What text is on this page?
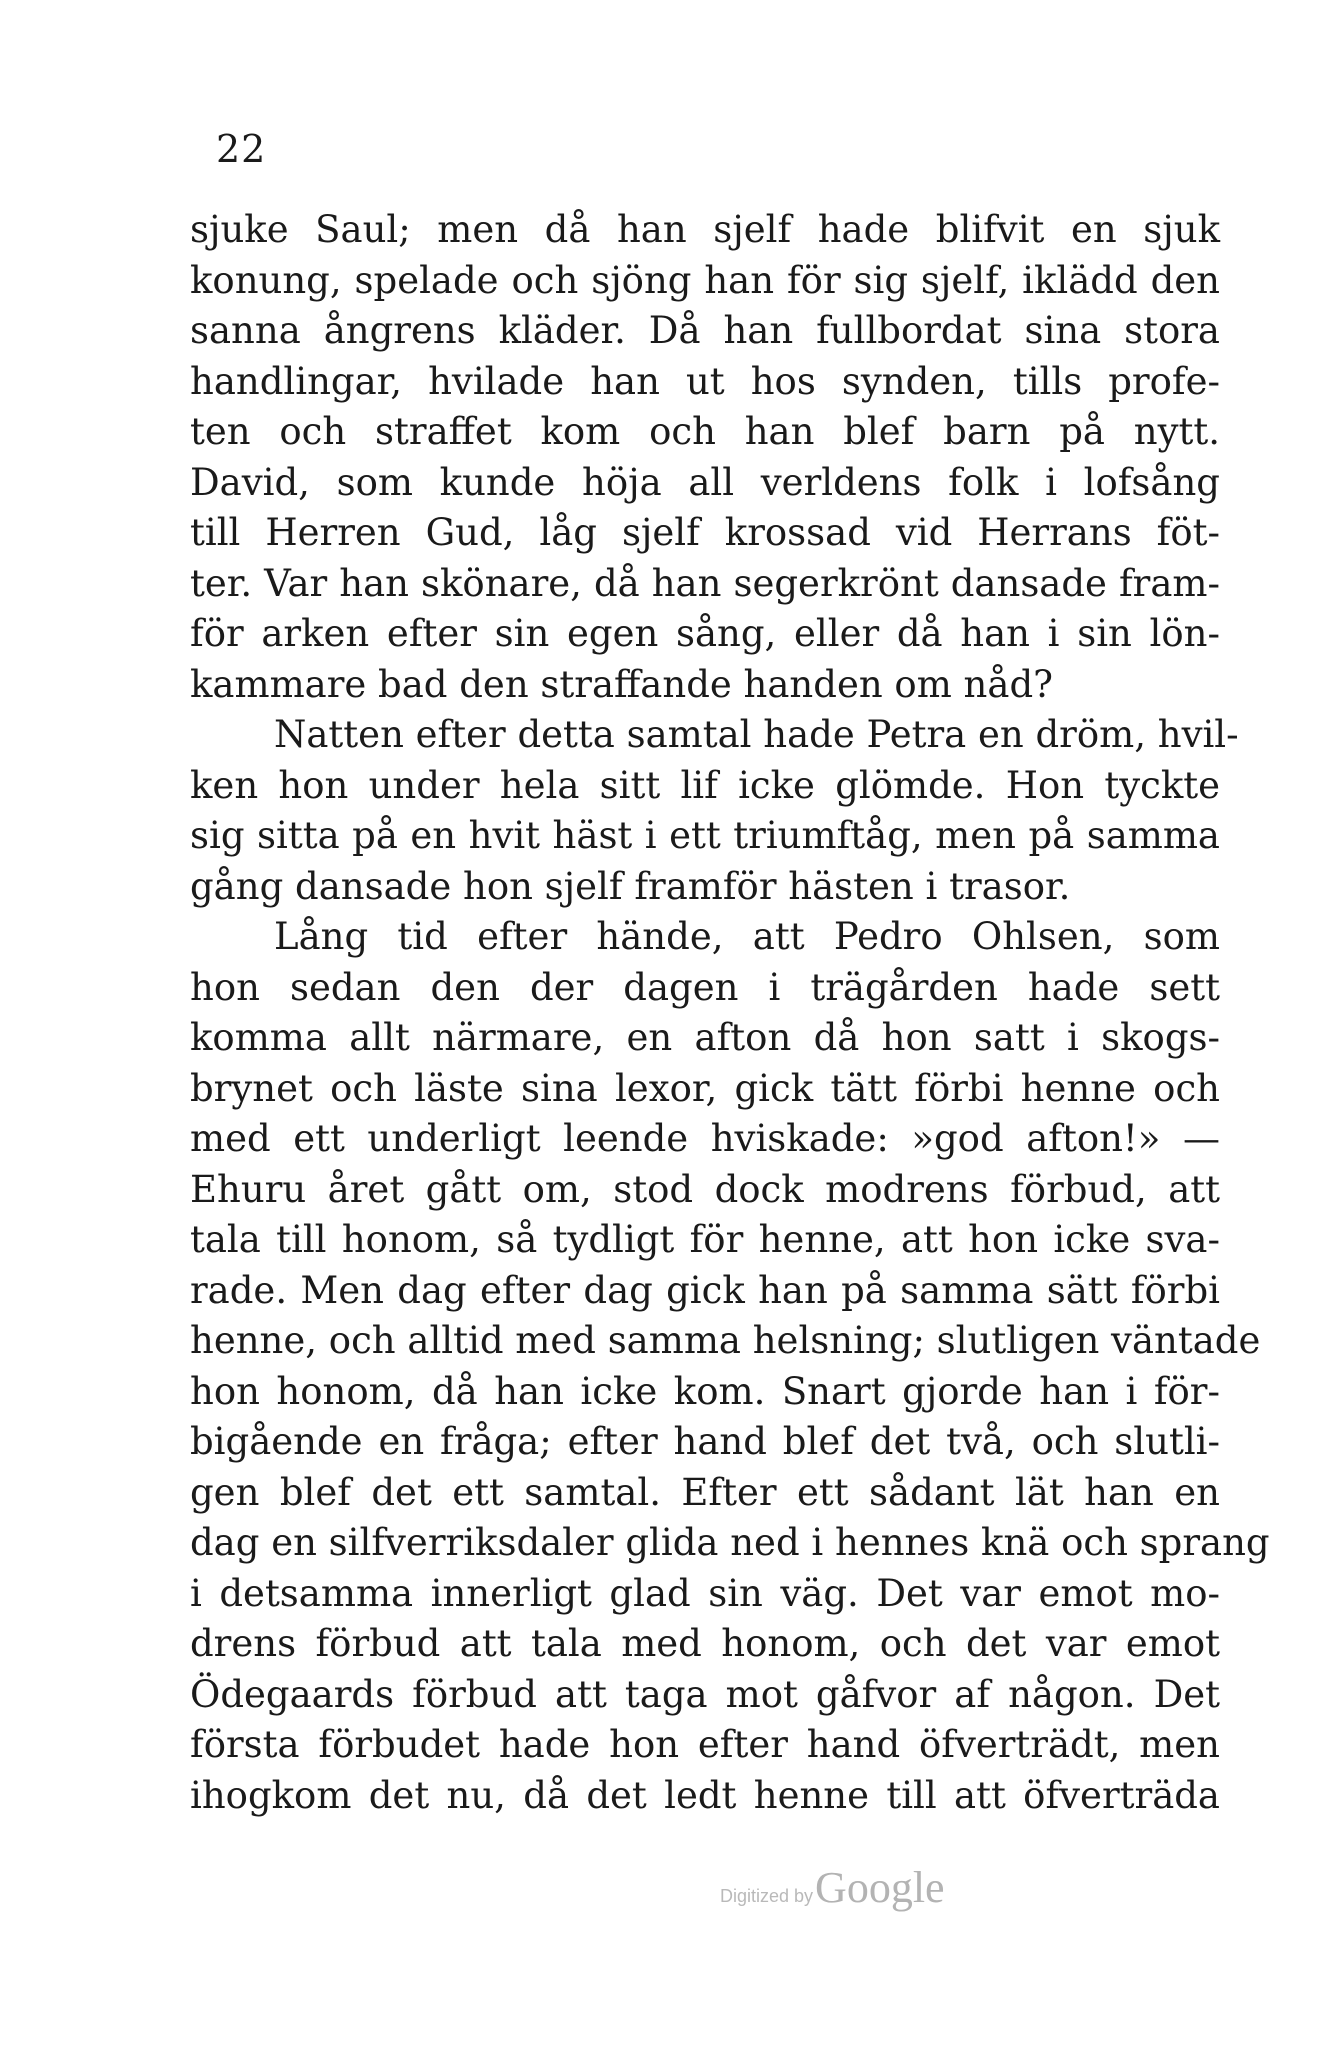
22
sjuke Saul; men då han sjelf hade blifvit en sjuk
konung, spelade och sjöng han för sig sjelf, iklädd den
sanna ångrens kläder. Då han fullbordat sina stora
handlingar, hvilade han ut hos synden, tills profe-
ten och straffet kom och han blef barn på nytt.
David, som kunde höja all verldens folk i lofsång
till Herren Gud, låg sjelf krossad vid Herrans föt-
ter. Var han skönare, då han segerkrönt dansade fram-
för arken efter sin egen sång, eller då han i sin lön-
kammare bad den straffande handen om nåd?
Natten efter detta samtal hade Petra en dröm, hvil-
ken hon under hela sitt lif icke glömde. Hon tyckte
sig sitta på en hvit häst i ett triumftåg, men på samma
gång dansade hon sjelf framför hästen i trasor.
Lång tid efter hände, att Pedro Ohlsen, som
hon sedan den der dagen i trägården hade sett
komma allt närmare, en afton då hon satt i skogs-
brynet och läste sina lexor, gick tätt förbi henne och
med ett underligt leende hviskade: »god afton!» —
Ehuru året gått om, stod dock modrens förbud, att
tala till honom, så tydligt för henne, att hon icke sva-
rade. Men dag efter dag gick han på samma sätt förbi
henne, och alltid med samma helsning; slutligen väntade
hon honom, då han icke kom. Snart gjorde han i för-
bigående en fråga; efter hand blef det två, och slutli-
gen blef det ett samtal. Efter ett sådant lät han en
dag en silfverriksdaler glida ned i hennes knä och sprang
i detsamma innerligt glad sin väg. Det var emot mo-
drens förbud att tala med honom, och det var emot
Ödegaards förbud att taga mot gåfvor af någon. Det
första förbudet hade hon efter hand öfverträdt, men
ihogkom det nu, då det ledt henne till att öfverträda
Digitized byGoogle
